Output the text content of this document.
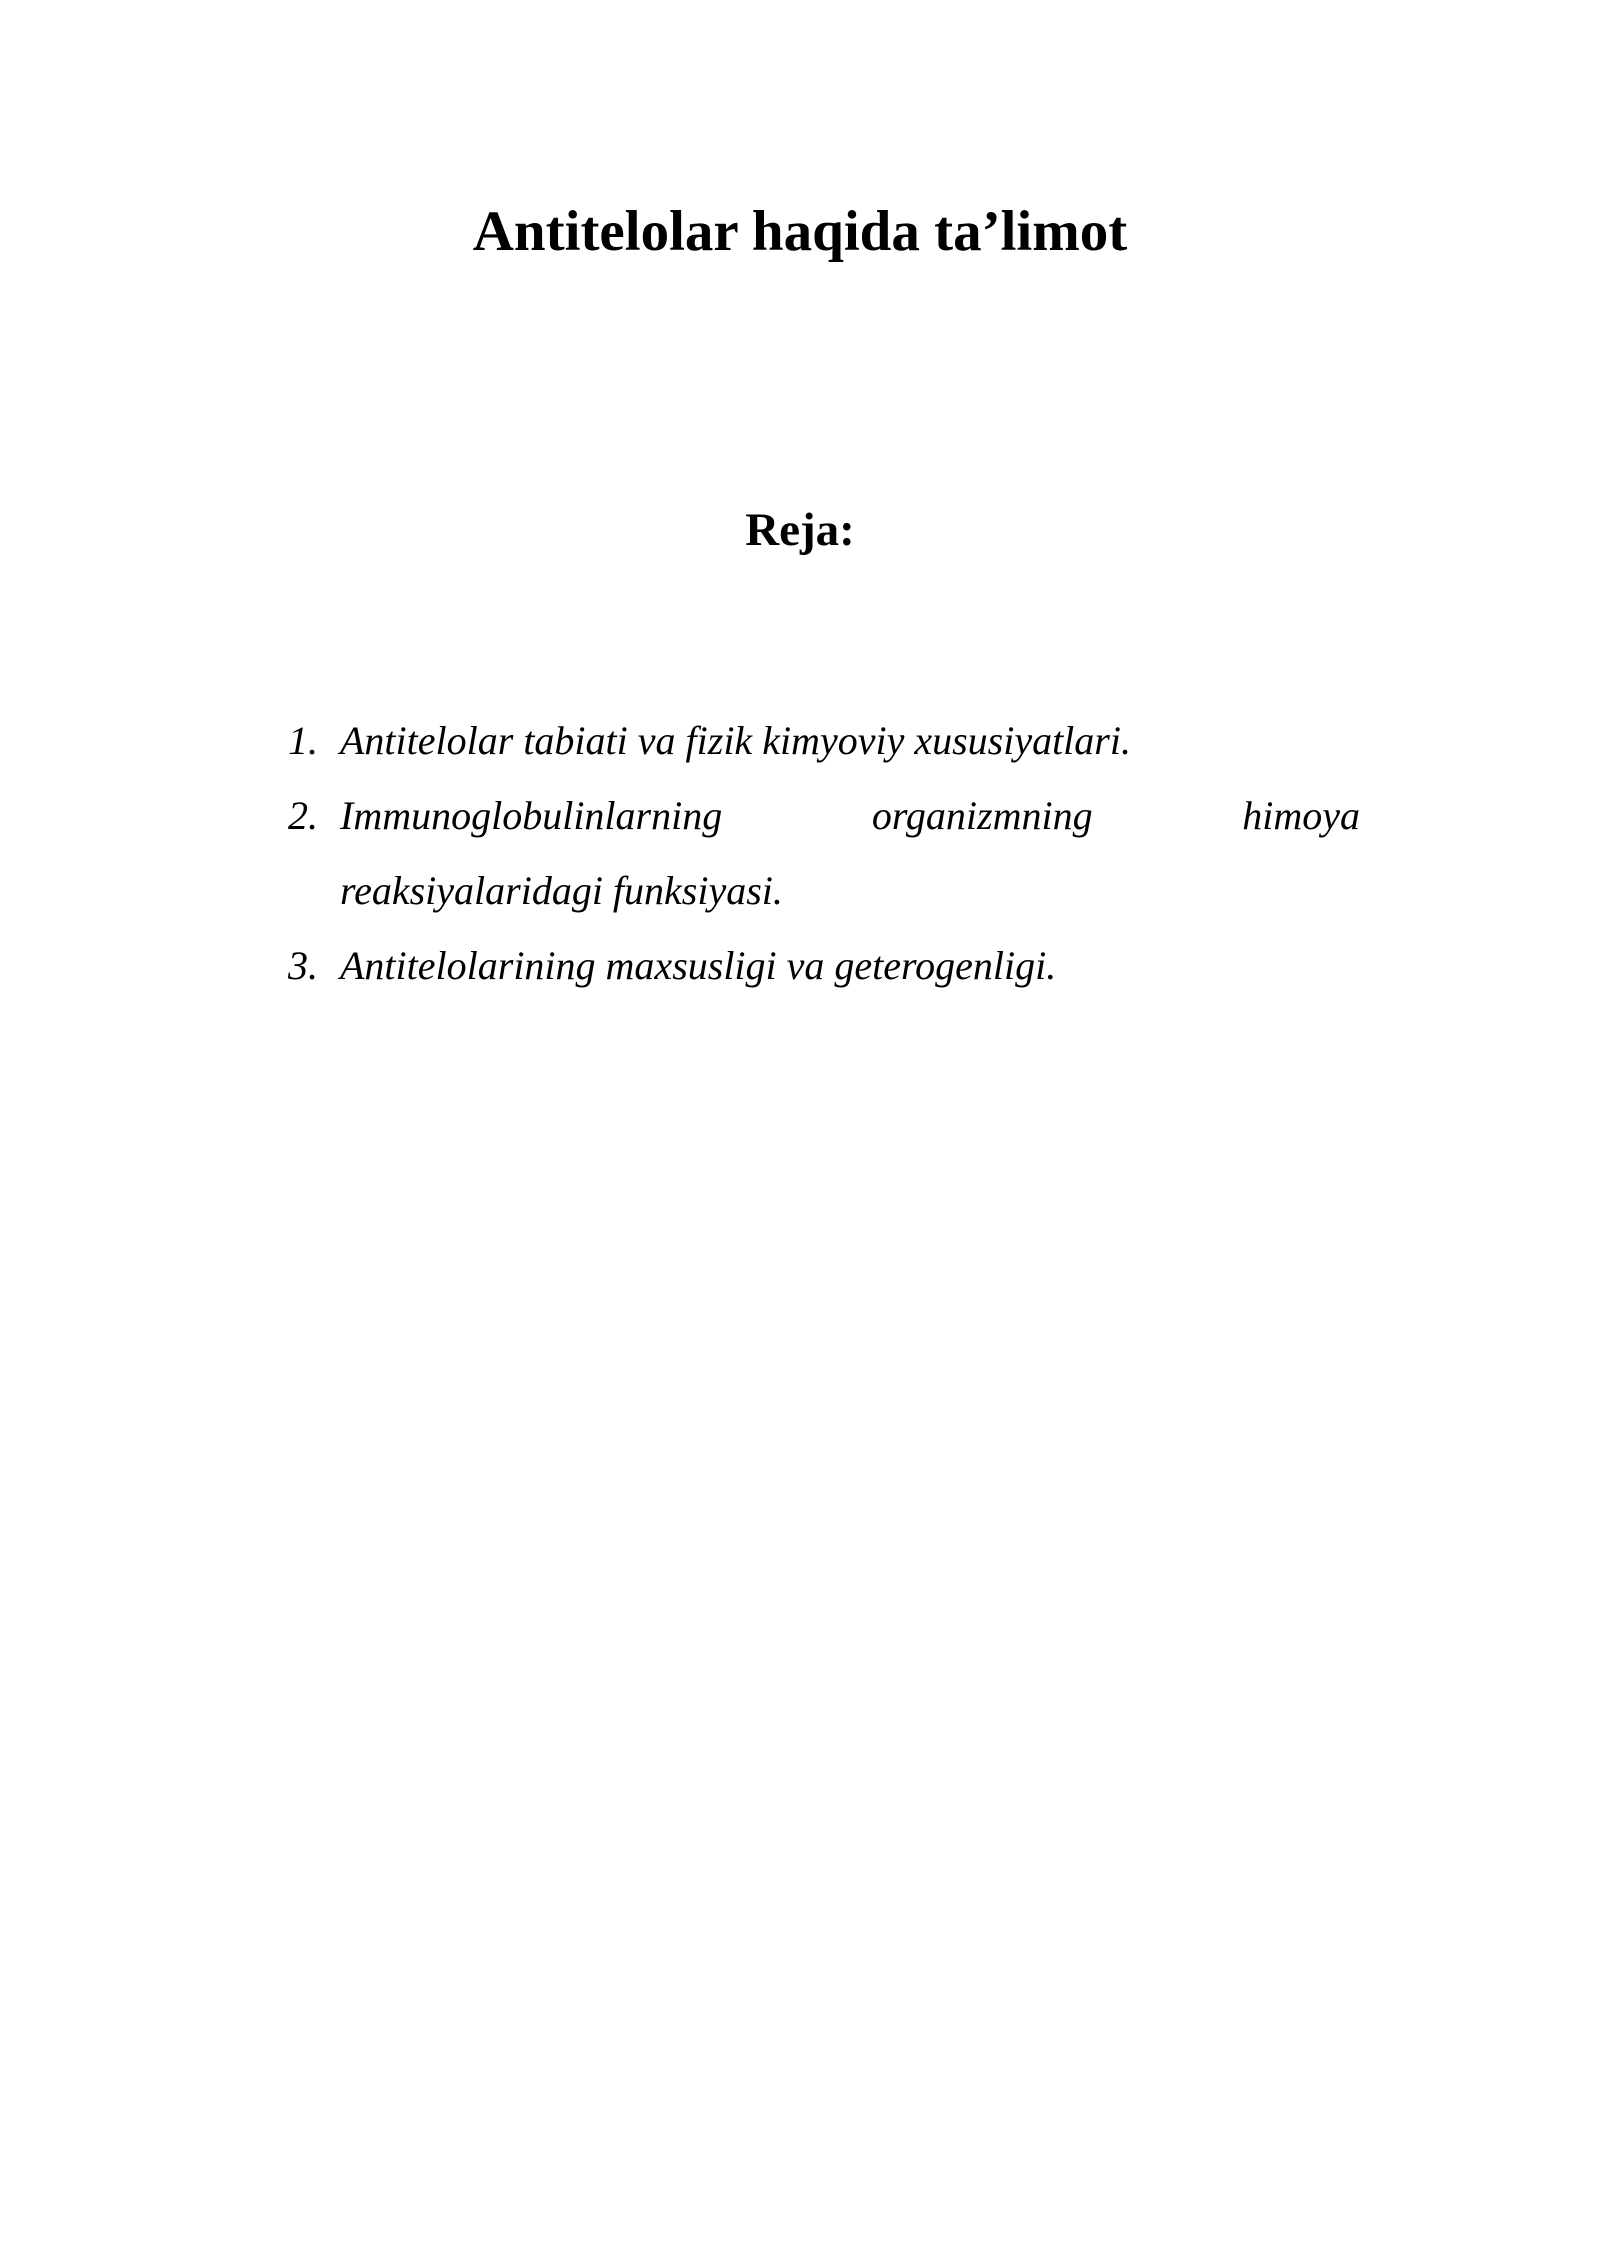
Antitelolar haqida ta’limot
Reja:
1. Antitelolar tabiati va fizik kimyoviy xususiyatlari.
2. Immunoglobulinlarning organizmning himoya
reaksiyalaridagi funksiyasi.
3. Antitelolarining maxsusligi va geterogenligi.
